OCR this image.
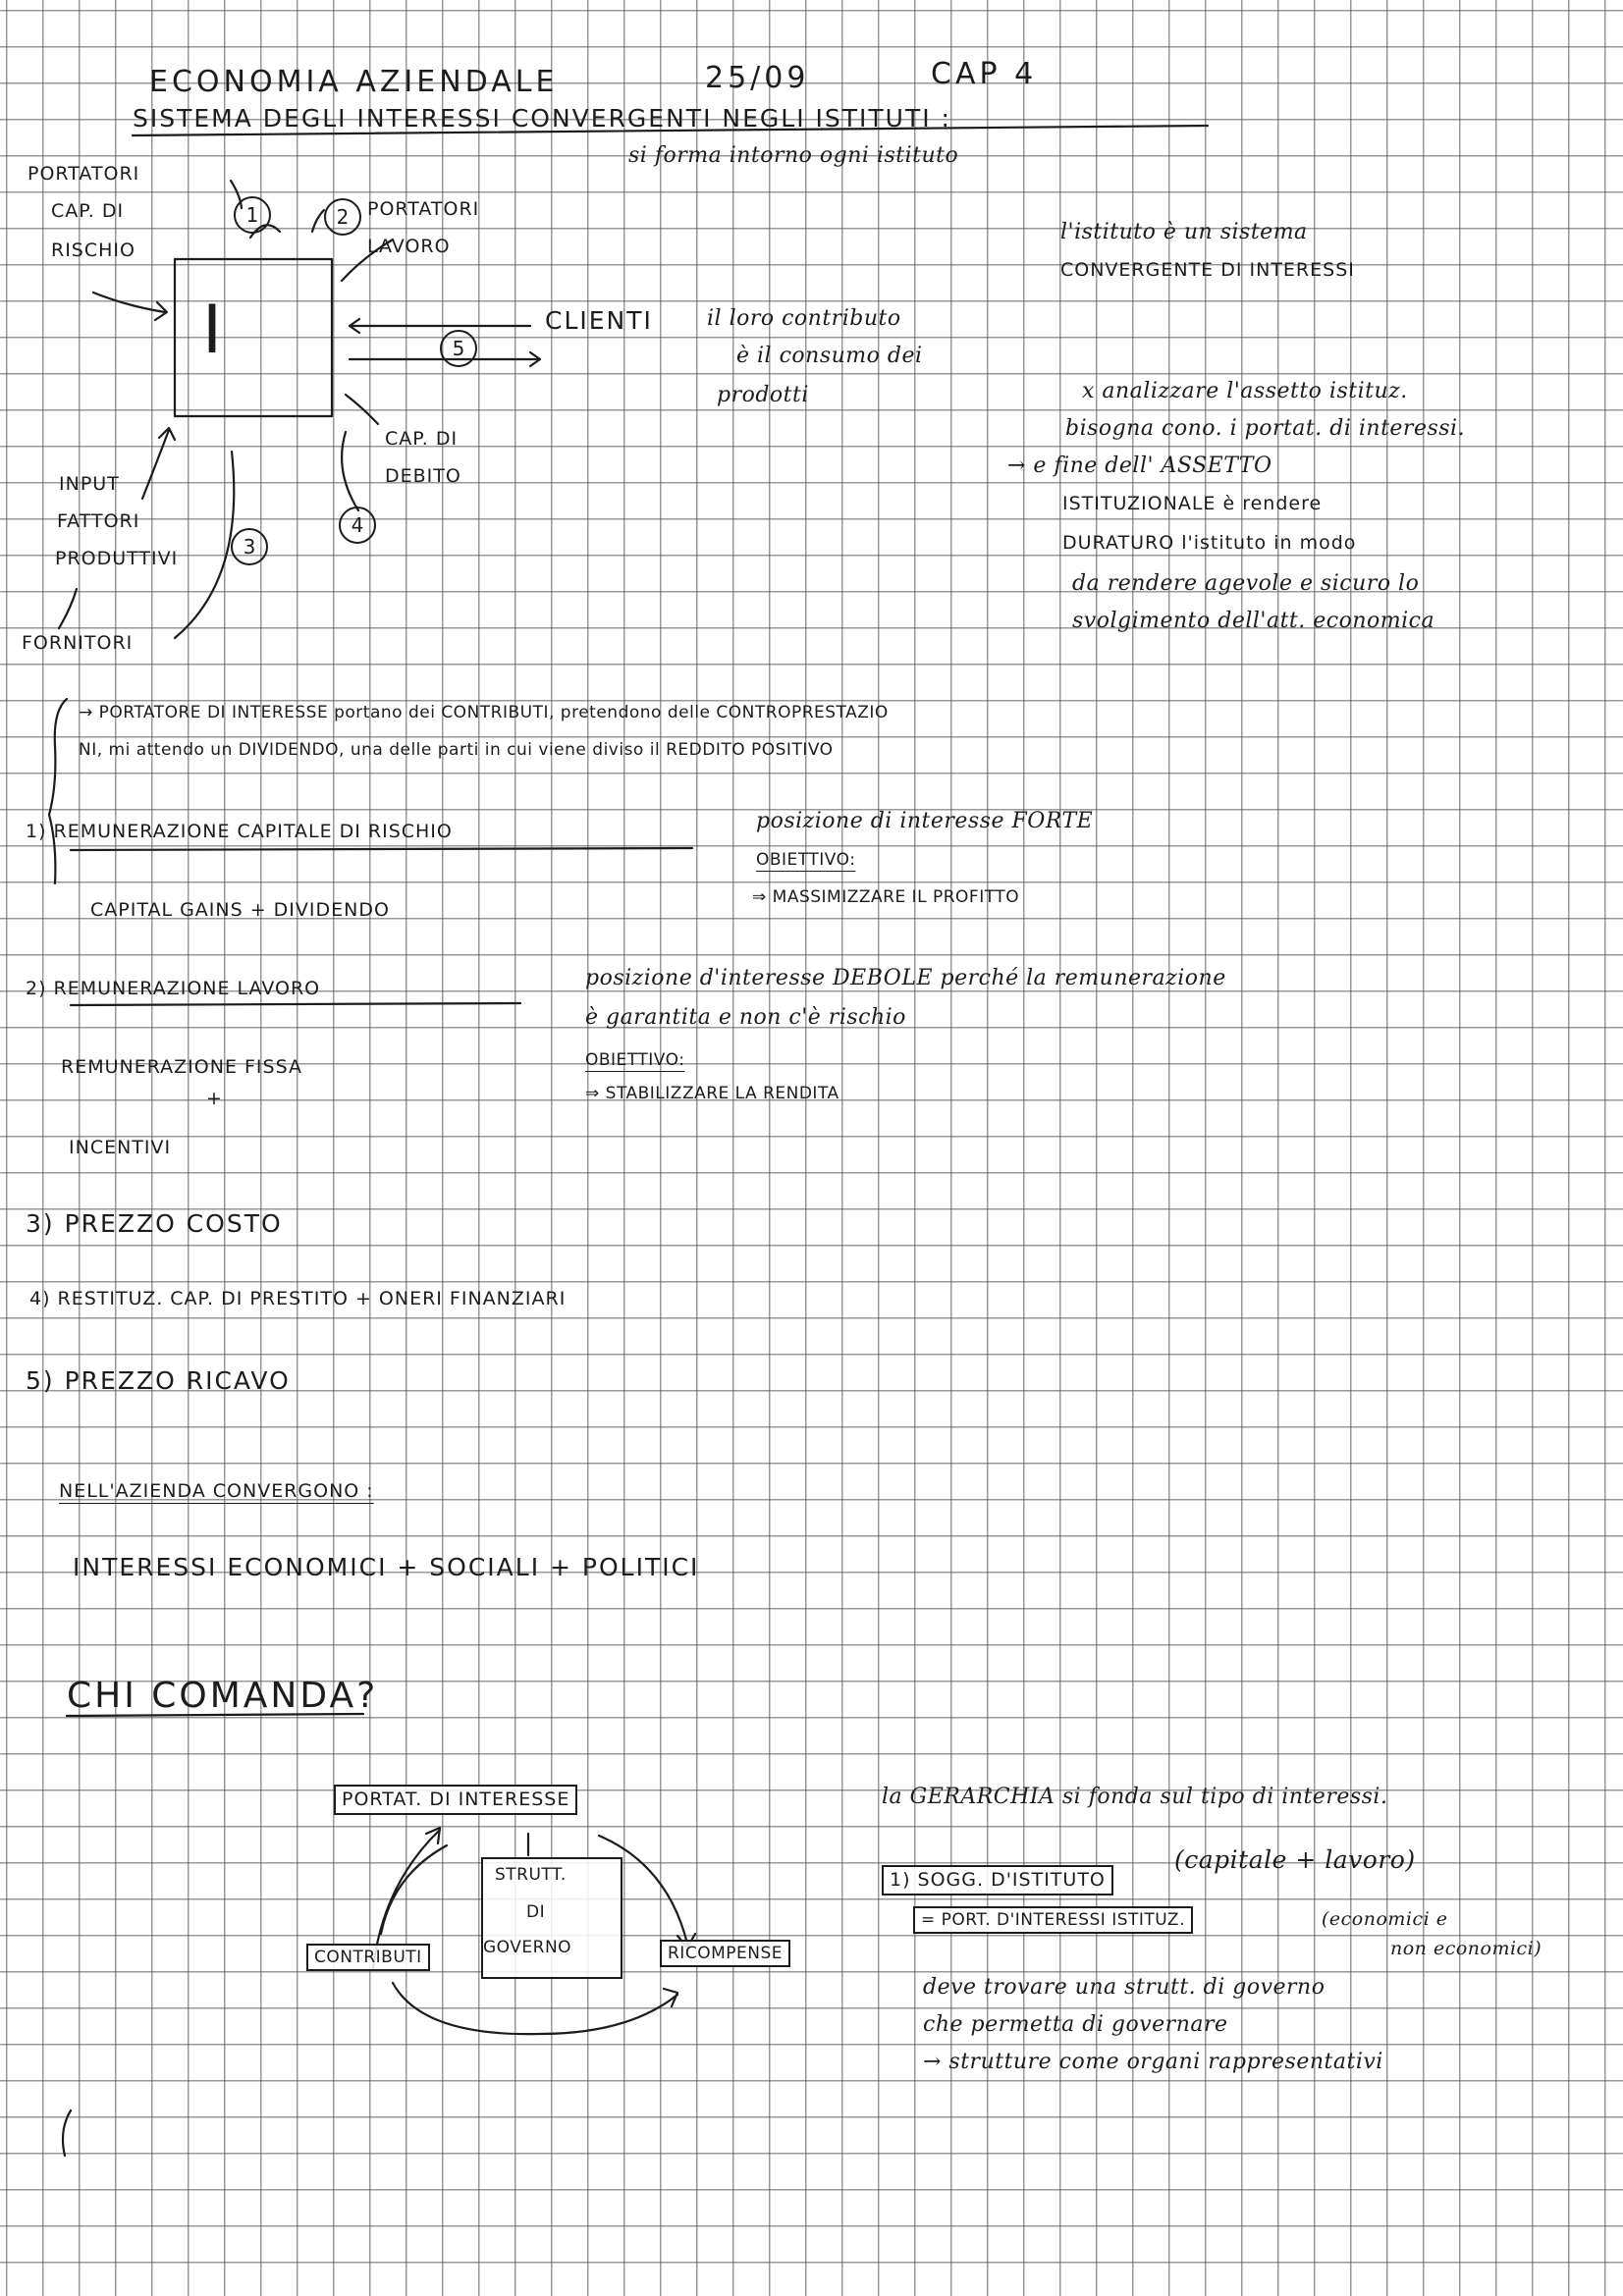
ECONOMIA AZIENDALE	25/09	CAP 4

SISTEMA DEGLI INTERESSI CONVERGENTI NEGLI ISTITUTI :

si forma intorno ogni istituto

I

PORTATORI

CAP. DI

RISCHIO

1	2 PORTATORI

LAVORO

CLIENTI

5

il loro contributo

è il consumo dei

prodotti

CAP. DI

DEBITO

4

INPUT

FATTORI

PRODUTTIVI	3

FORNITORI

l'istituto è un sistema

CONVERGENTE DI INTERESSI

x analizzare l'assetto istituz.

bisogna cono. i portat. di interessi.

→ e fine dell' ASSETTO

ISTITUZIONALE è rendere

DURATURO l'istituto in modo

da rendere agevole e sicuro lo

svolgimento dell'att. economica

→ PORTATORE DI INTERESSE portano dei CONTRIBUTI, pretendono delle CONTROPRESTAZIO

NI, mi attendo un DIVIDENDO, una delle parti in cui viene diviso il REDDITO POSITIVO

1) REMUNERAZIONE CAPITALE DI RISCHIO	posizione di interesse FORTE

OBIETTIVO:

⇒ MASSIMIZZARE IL PROFITTO

CAPITAL GAINS + DIVIDENDO

2) REMUNERAZIONE LAVORO	posizione d'interesse DEBOLE perché la remunerazione

è garantita e non c'è rischio

OBIETTIVO:

⇒ STABILIZZARE LA RENDITA

REMUNERAZIONE FISSA

+

INCENTIVI

3) PREZZO COSTO

4) RESTITUZ. CAP. DI PRESTITO + ONERI FINANZIARI

5) PREZZO RICAVO

NELL'AZIENDA CONVERGONO :

INTERESSI ECONOMICI + SOCIALI + POLITICI

CHI COMANDA?

PORTAT. DI INTERESSE

STRUTT.

DI

GOVERNO

CONTRIBUTI	RICOMPENSE

la GERARCHIA si fonda sul tipo di interessi.

1) SOGG. D'ISTITUTO

(capitale + lavoro)

= PORT. D'INTERESSI ISTITUZ.	(economici e

non economici)

deve trovare una strutt. di governo

che permetta di governare

→ strutture come organi rappresentativi
